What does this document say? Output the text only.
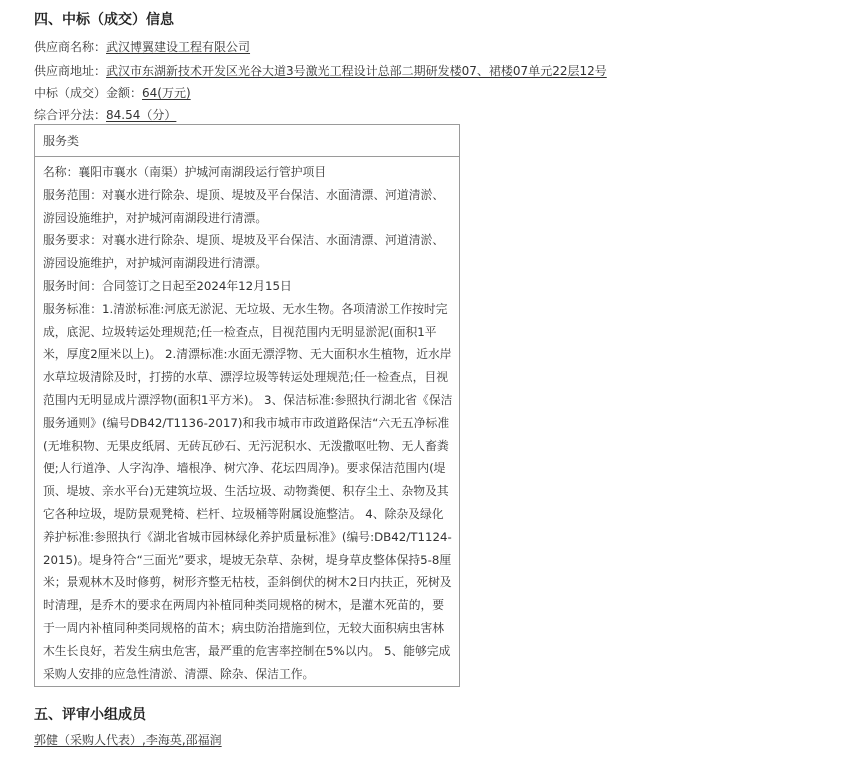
四、中标（成交）信息
供应商名称：武汉博翼建设工程有限公司
供应商地址：武汉市东湖新技术开发区光谷大道3号激光工程设计总部二期研发楼07、裙楼07单元22层12号
中标（成交）金额：64(万元)
综合评分法：84.54（分）
服务类

名称：襄阳市襄水（南渠）护城河南湖段运行管护项目

服务范围：对襄水进行除杂、堤顶、堤坡及平台保洁、水面清漂、河道清淤、游园设施维护，对护城河南湖段进行清漂。

服务要求：对襄水进行除杂、堤顶、堤坡及平台保洁、水面清漂、河道清淤、游园设施维护，对护城河南湖段进行清漂。

服务时间：合同签订之日起至2024年12月15日

服务标准：1.清淤标准:河底无淤泥、无垃圾、无水生物。各项清淤工作按时完成，底泥、垃圾转运处理规范;任一检查点，目视范围内无明显淤泥(面积1平米，厚度2厘米以上)。 2.清漂标准:水面无漂浮物、无大面积水生植物，近水岸水草垃圾清除及时，打捞的水草、漂浮垃圾等转运处理规范;任一检查点，目视范围内无明显成片漂浮物(面积1平方米)。 3、保洁标准:参照执行湖北省《保洁服务通则》(编号DB42/T1136-2017)和我市城市市政道路保洁“六无五净标准(无堆积物、无果皮纸屑、无砖瓦砂石、无污泥积水、无泼撒呕吐物、无人畜粪便;人行道净、人字沟净、墙根净、树穴净、花坛四周净)。要求保洁范围内(堤顶、堤坡、亲水平台)无建筑垃圾、生活垃圾、动物粪便、积存尘土、杂物及其它各种垃圾，堤防景观凳椅、栏杆、垃圾桶等附属设施整洁。 4、除杂及绿化养护标准:参照执行《湖北省城市园林绿化养护质量标准》(编号:DB42/T1124-2015)。堤身符合“三面光”要求，堤坡无杂草、杂树，堤身草皮整体保持5-8厘米；景观林木及时修剪，树形齐整无枯枝，歪斜倒伏的树木2日内扶正，死树及时清理，是乔木的要求在两周内补植同种类同规格的树木，是灌木死苗的，要于一周内补植同种类同规格的苗木；病虫防治措施到位，无较大面积病虫害林木生长良好，若发生病虫危害，最严重的危害率控制在5%以内。 5、能够完成采购人安排的应急性清淤、清漂、除杂、保洁工作。

五、评审小组成员
郭健（采购人代表）,李海英,邵福润
